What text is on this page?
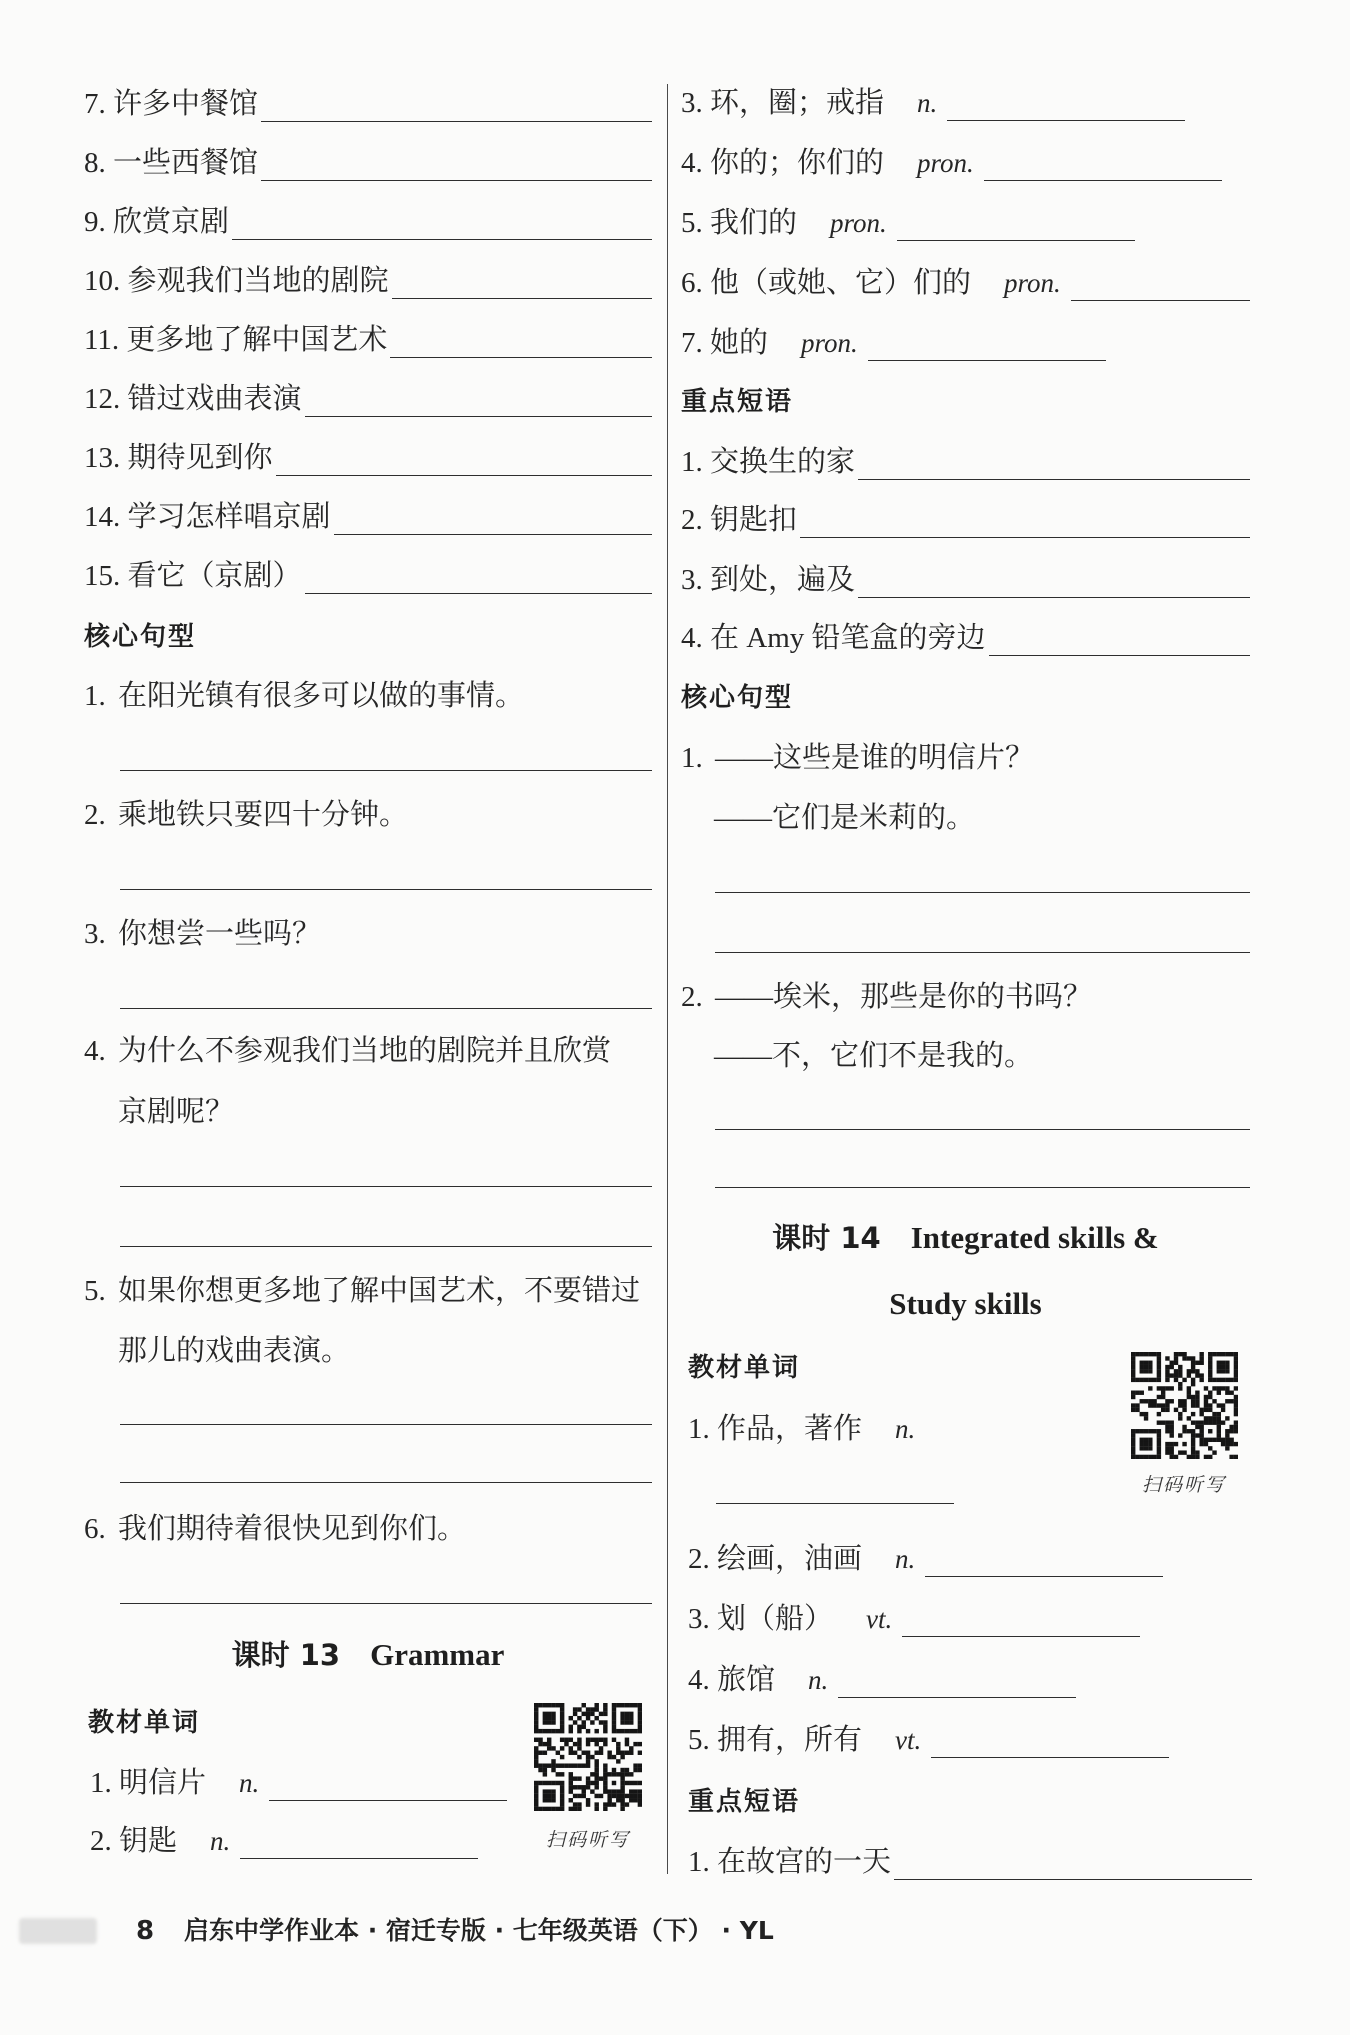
7. 许多中餐馆
8. 一些西餐馆
9. 欣赏京剧
10. 参观我们当地的剧院
11. 更多地了解中国艺术
12. 错过戏曲表演
13. 期待见到你
14. 学习怎样唱京剧
15. 看它（京剧）
核心句型
1. 在阳光镇有很多可以做的事情。
2. 乘地铁只要四十分钟。
3. 你想尝一些吗？
4. 为什么不参观我们当地的剧院并且欣赏
京剧呢？
5. 如果你想更多地了解中国艺术，不要错过
那儿的戏曲表演。
6. 我们期待着很快见到你们。
课时 13 Grammar
教材单词
1. 明信片 n.
2. 钥匙 n.	扫码听写
3. 环，圈；戒指 n.
4. 你的；你们的 pron.
5. 我们的 pron.
6. 他（或她、它）们的 pron.
7. 她的 pron.
重点短语
1. 交换生的家
2. 钥匙扣
3. 到处，遍及
4. 在 Amy 铅笔盒的旁边
核心句型
1. ——这些是谁的明信片？
——它们是米莉的。
2. ——埃米，那些是你的书吗？
——不，它们不是我的。
课时 14 Integrated skills &
Study skills
教材单词
扫码听写
1. 作品，著作 n.
2. 绘画，油画 n.
3. 划（船） vt.
4. 旅馆 n.
5. 拥有，所有 vt.
重点短语
1. 在故宫的一天
8 启东中学作业本 · 宿迁专版 · 七年级英语（下） · YL
